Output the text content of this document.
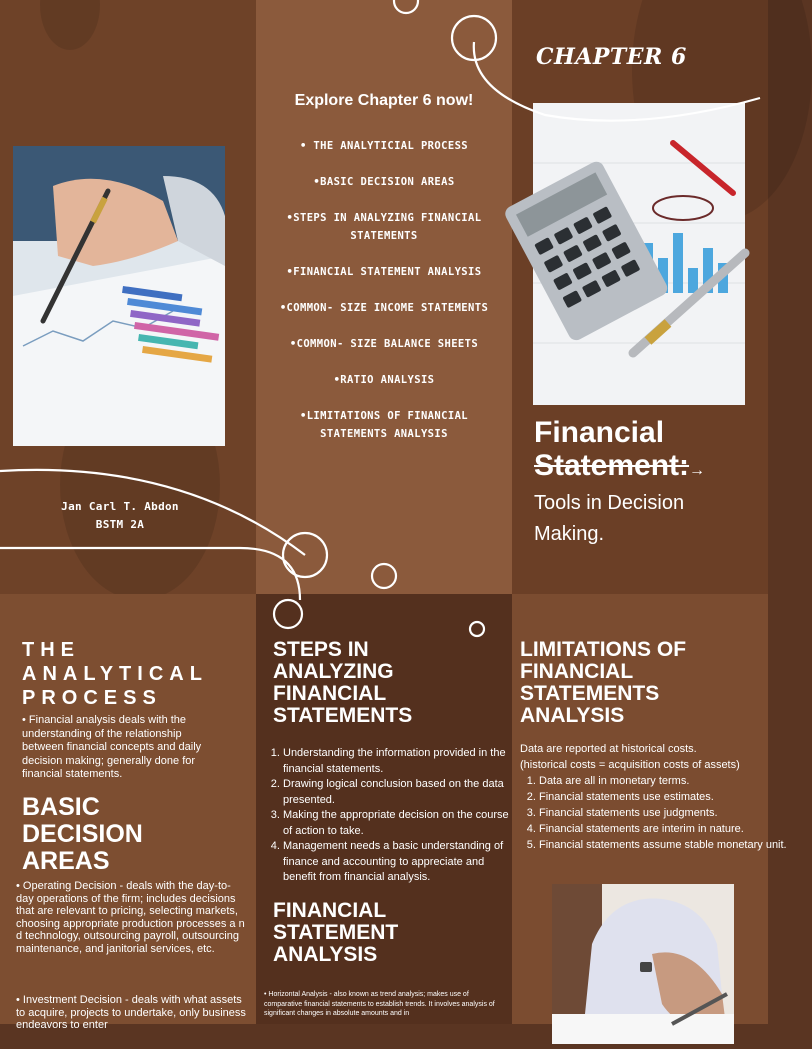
Jan Carl T. Abdon
BSTM 2A
Explore Chapter 6 now!
• THE ANALYTICIAL PROCESS
•BASIC DECISION AREAS
•STEPS IN ANALYZING FINANCIAL STATEMENTS
•FINANCIAL STATEMENT ANALYSIS
•COMMON- SIZE INCOME STATEMENTS
•COMMON- SIZE BALANCE SHEETS
•RATIO ANALYSIS
•LIMITATIONS OF FINANCIAL STATEMENTS ANALYSIS
CHAPTER 6
Financial
Statement:→
Tools in Decision Making.
THE ANALYTICAL PROCESS
• Financial analysis deals with the understanding of the relationship between financial concepts and daily decision making; generally done for financial statements.
BASIC DECISION AREAS
• Operating Decision - deals with the day-to-day operations of the firm; includes decisions that are relevant to pricing, selecting markets, choosing appropriate production processes a n d technology, outsourcing payroll, outsourcing maintenance, and janitorial services, etc.
• Investment Decision - deals with what assets to acquire, projects to undertake, only business endeavors to enter
STEPS IN ANALYZING FINANCIAL STATEMENTS
1. Understanding the information provided in the financial statements.
2. Drawing logical conclusion based on the data presented.
3. Making the appropriate decision on the course of action to take.
4. Management needs a basic understanding of finance and accounting to appreciate and benefit from financial analysis.
FINANCIAL STATEMENT ANALYSIS
• Horizontal Analysis - also known as trend analysis; makes use of comparative financial statements to establish trends. It involves analysis of significant changes in absolute amounts and in
LIMITATIONS OF FINANCIAL STATEMENTS ANALYSIS
Data are reported at historical costs.
(historical costs = acquisition costs of assets)
1. Data are all in monetary terms.
2. Financial statements use estimates.
3. Financial statements use judgments.
4. Financial statements are interim in nature.
5. Financial statements assume stable monetary unit.
